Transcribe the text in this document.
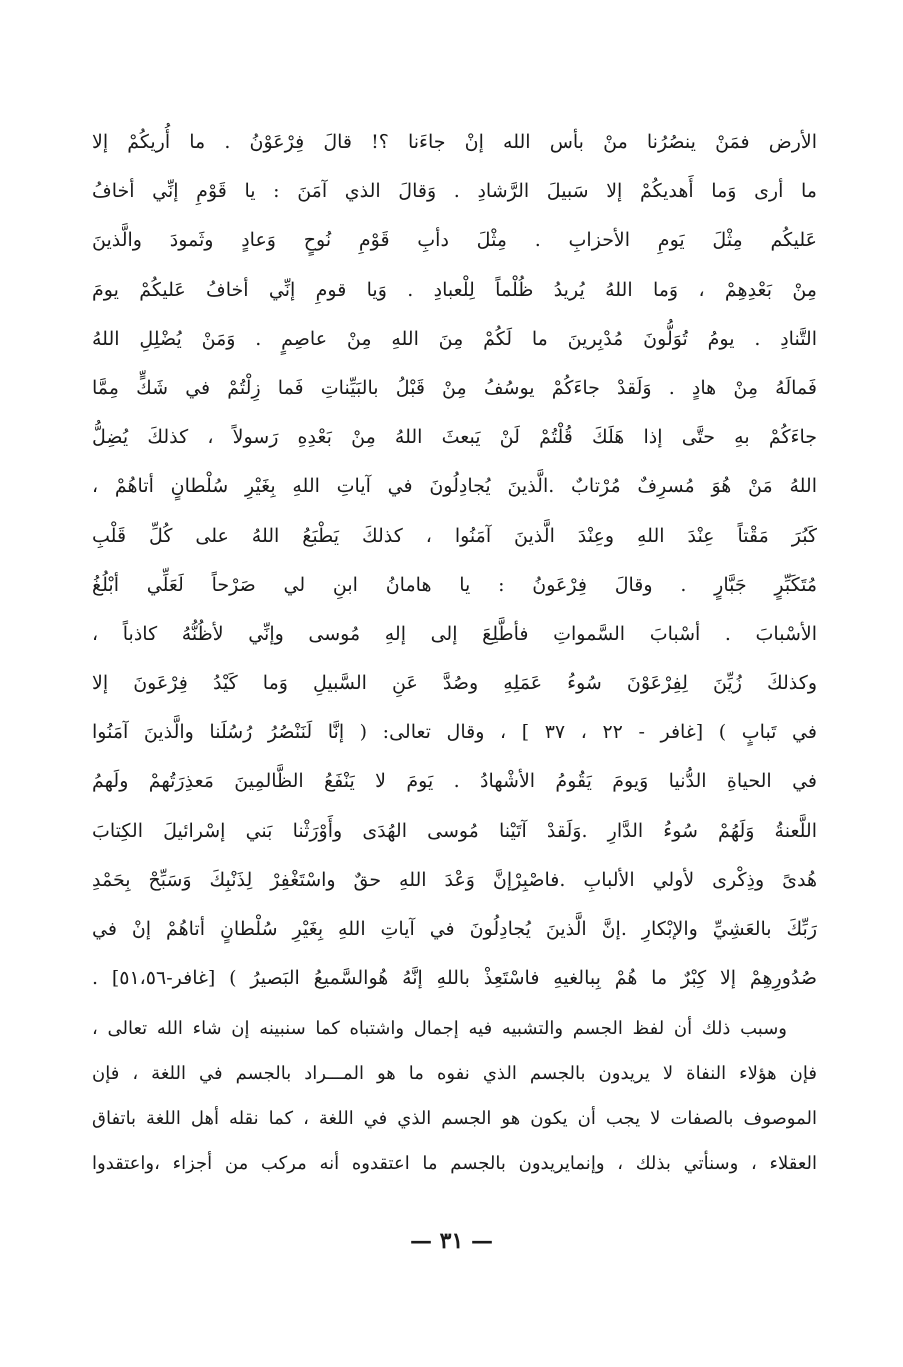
الأرض فمَنْ ينصُرُنا منْ بأس الله إنْ جاءَنا ؟! قالَ فِرْعَوْنُ . ما أُريكُمْ إلا
ما أرى وَما أَهديكُمْ إلا سَبيلَ الرَّشادِ . وَقالَ الذي آمَنَ : يا قَوْمِ إنِّي أخافُ
عَليكُم مِثْلَ يَومِ الأحزابِ . مِثْلَ دأبِ قَوْمِ نُوحٍ وَعادٍ وثَمودَ والَّذينَ
مِنْ بَعْدِهِمْ ، وَما اللهُ يُريدُ ظُلْماً لِلْعبادِ . وَيا قومِ إنِّي أخافُ عَليكُمْ يومَ
التَّنادِ . يومُ تُوَلُّونَ مُدْبِرينَ ما لَكُمْ مِنَ اللهِ مِنْ عاصِمٍ . وَمَنْ يُضْلِلِ اللهُ
فَمالَهُ مِنْ هادٍ . وَلَقدْ جاءَكُمْ يوسُفُ مِنْ قَبْلُ بالبَيِّناتِ فَما زِلْتُمْ في شَكٍّ مِمَّا
جاءَكُمْ بهِ حتَّى إذا هَلَكَ قُلْتُمْ لَنْ يَبعثَ اللهُ مِنْ بَعْدِهِ رَسولاً ، كذلكَ يُضِلُّ
اللهُ مَنْ هُوَ مُسرِفٌ مُرْتابٌ .الَّذينَ يُجادِلُونَ في آياتِ اللهِ بِغَيْرِ سُلْطانٍ أتاهُمْ ،
كَبُرَ مَقْتاً عِنْدَ اللهِ وعِنْدَ الَّذينَ آمَنُوا ، كذلكَ يَطْبَعُ اللهُ على كُلِّ قَلْبِ
مُتَكَبِّرٍ جَبَّارٍ . وقالَ فِرْعَونُ : يا هامانُ ابنِ لي صَرْحاً لَعَلِّي أبْلُغُ
الأسْبابَ . أسْبابَ السَّمواتِ فأطَّلِعَ إلى إلهِ مُوسى وإنِّي لأظُنُّهُ كاذباً ،
وكذلكَ زُيِّنَ لِفِرْعَوْنَ سُوءُ عَمَلِهِ وصُدَّ عَنِ السَّبيلِ وَما كَيْدُ فِرْعَونَ إلا
في تَبابٍ ) [غافر - ٢٢ ، ٣٧ ] ، وقال تعالى: ( إنَّا لَنَنْصُرُ رُسُلَنا والَّذينَ آمَنُوا
في الحياةِ الدُّنيا وَيومَ يَقُومُ الأشْهادُ . يَومَ لا يَنْفَعُ الظَّالمِينَ مَعذِرَتُهمْ ولَهمُ
اللَّعنةُ وَلَهُمْ سُوءُ الدَّارِ .وَلَقدْ آتَيْنا مُوسى الهُدَى وأَوْرَثْنا بَني إسْرائيلَ الكِتابَ
هُدىً وذِكْرى لأولي الألبابِ .فاصْبِرْإنَّ وَعْدَ اللهِ حقٌ واسْتَغْفِرْ لِذَنْبِكَ وَسَبِّحْ بِحَمْدِ
رَبِّكَ بالعَشِيِّ والإبْكارِ .إنَّ الَّذينَ يُجادِلُونَ في آياتِ اللهِ بِغَيْرِ سُلْطانٍ أتاهُمْ إنْ في
صُدُورِهِمْ إلا كِبْرٌ ما هُمْ بِبالغيهِ فاسْتَعِذْ باللهِ إنَّهُ هُوالسَّميعُ البَصيرُ ) [غافر-٥١،٥٦] .
وسبب ذلك أن لفظ الجسم والتشبيه فيه إجمال واشتباه كما سنبينه إن شاء الله تعالى ،
فإن هؤلاء النفاة لا يريدون بالجسم الذي نفوه ما هو المـــراد بالجسم في اللغة ، فإن
الموصوف بالصفات لا يجب أن يكون هو الجسم الذي في اللغة ، كما نقله أهل اللغة باتفاق
العقلاء ، وسنأتي بذلك ، وإنمايريدون بالجسم ما اعتقدوه أنه مركب من أجزاء ،واعتقدوا
— ٣١ —
